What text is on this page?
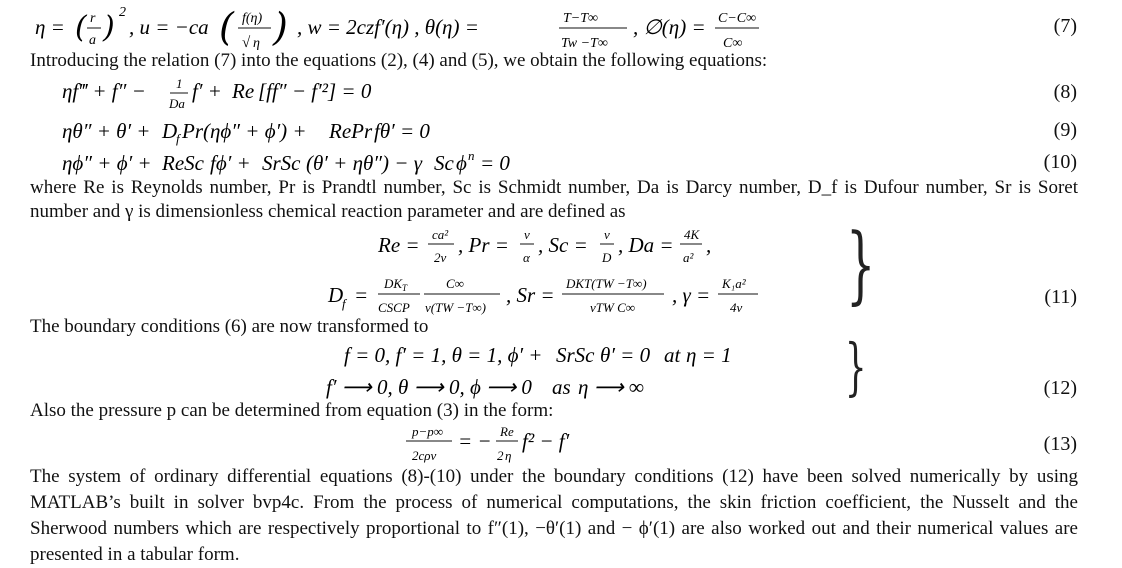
η = ( r
a ) 2
, u = −ca ( f(η)
√ η ) , w = 2czf′(η) , θ(η) =	T−T∞
Tw −T∞
, ∅(η) = C−C∞
C∞
(7)
Introducing the relation (7) into the equations (2), (4) and (5), we obtain the following equations:
ηf‴ + f″ − 1
Da
f′ + Re [ff″ − f′²] = 0	(8)
ηθ″ + θ′ + D
f Pr (ηϕ″ + ϕ′) + RePr fθ′ = 0	(9)
ηϕ″ + ϕ′ + ReSc fϕ′ + SrSc (θ′ + ηθ″) − γ Sc ϕ n = 0	(10)
where Re is Reynolds number, Pr is Prandtl number, Sc is Schmidt number, Da is Darcy number, D_f is Dufour number, Sr is Soret number and γ is dimensionless chemical reaction parameter and are defined as
Re = ca²
2ν
, Pr = ν
α
, Sc = ν
D
, Da = 4K
a²
,
D
f = DK T
CSCP
C∞
ν(TW −T∞)
, Sr = DKT(TW −T∞)
νTW C∞
, γ = K₁a²
4ν }	(11)
The boundary conditions (6) are now transformed to
f = 0, f′ = 1, θ = 1, ϕ′ + SrSc θ′ = 0 at η = 1
f′ ⟶ 0, θ ⟶ 0, ϕ ⟶ 0 as η ⟶ ∞	}	(12)
Also the pressure p can be determined from equation (3) in the form:
p−p∞
2cρν
= − Re
2 η
f² − f′	(13)
The system of ordinary differential equations (8)-(10) under the boundary conditions (12) have been solved numerically by using MATLAB’s built in solver bvp4c. From the process of numerical computations, the skin friction coefficient, the Nusselt and the Sherwood numbers which are respectively proportional to f″(1), −θ′(1) and − ϕ′(1) are also worked out and their numerical values are presented in a tabular form.
